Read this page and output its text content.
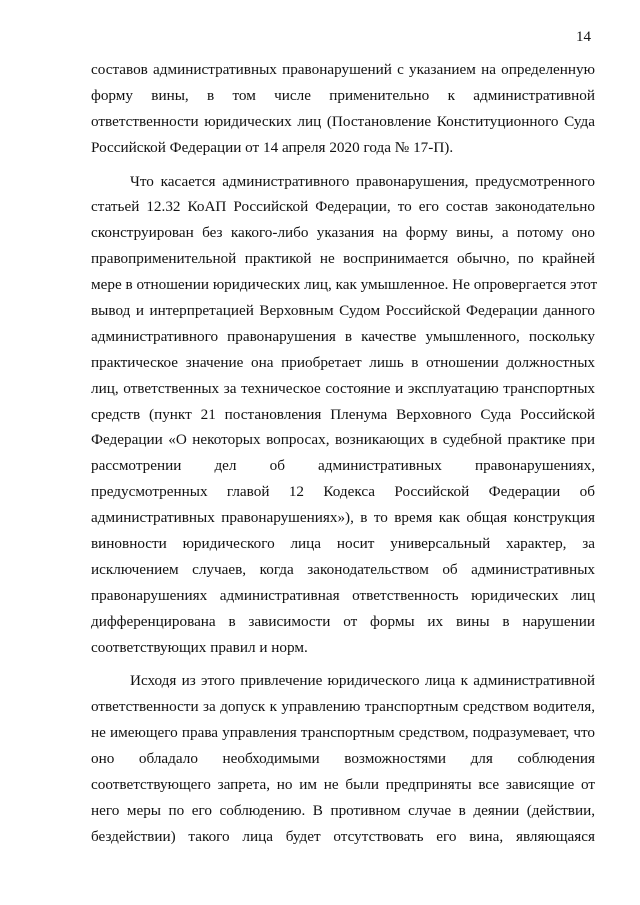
14
составов административных правонарушений с указанием на определенную
форму вины, в том числе применительно к административной
ответственности юридических лиц (Постановление Конституционного Суда
Российской Федерации от 14 апреля 2020 года № 17-П).
Что касается административного правонарушения, предусмотренного
статьей 12.32 КоАП Российской Федерации, то его состав законодательно
сконструирован без какого-либо указания на форму вины, а потому оно
правоприменительной практикой не воспринимается обычно, по крайней
мере в отношении юридических лиц, как умышленное. Не опровергается этот
вывод и интерпретацией Верховным Судом Российской Федерации данного
административного правонарушения в качестве умышленного, поскольку
практическое значение она приобретает лишь в отношении должностных
лиц, ответственных за техническое состояние и эксплуатацию транспортных
средств (пункт 21 постановления Пленума Верховного Суда Российской
Федерации «О некоторых вопросах, возникающих в судебной практике при
рассмотрении дел об административных правонарушениях,
предусмотренных главой 12 Кодекса Российской Федерации об
административных правонарушениях»), в то время как общая конструкция
виновности юридического лица носит универсальный характер, за
исключением случаев, когда законодательством об административных
правонарушениях административная ответственность юридических лиц
дифференцирована в зависимости от формы их вины в нарушении
соответствующих правил и норм.
Исходя из этого привлечение юридического лица к административной
ответственности за допуск к управлению транспортным средством водителя,
не имеющего права управления транспортным средством, подразумевает, что
оно обладало необходимыми возможностями для соблюдения
соответствующего запрета, но им не были предприняты все зависящие от
него меры по его соблюдению. В противном случае в деянии (действии,
бездействии) такого лица будет отсутствовать его вина, являющаяся
